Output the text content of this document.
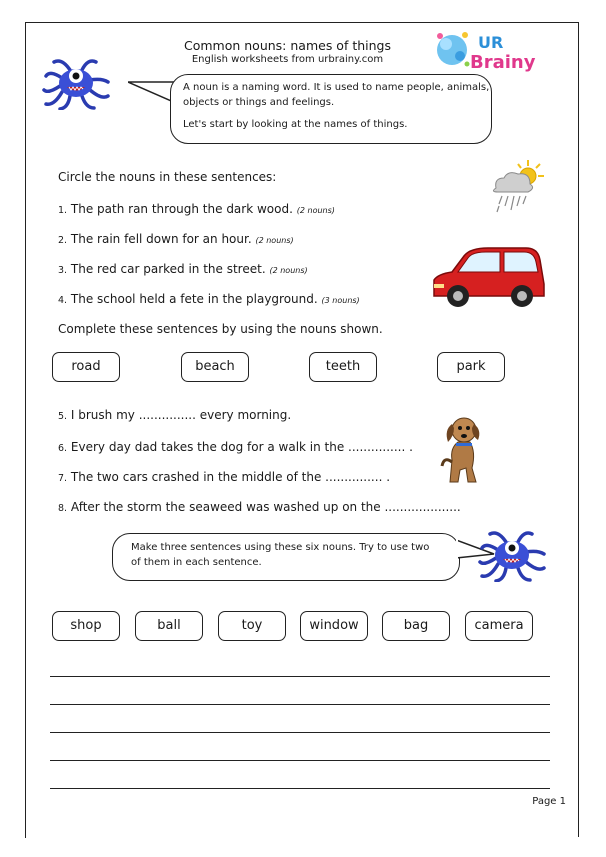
Common nouns: names of things
English worksheets from urbrainy.com
UR
Brainy

A noun is a naming word. It is used to name people, animals,

objects or things and feelings.

Let's start by looking at the names of things.

Circle the nouns in these sentences:
1. The path ran through the dark wood. (2 nouns)
2. The rain fell down for an hour. (2 nouns)
3. The red car parked in the street. (2 nouns)
4. The school held a fete in the playground. (3 nouns)
Complete these sentences by using the nouns shown.
road	beach	teeth	park
5. I brush my ............... every morning.
6. Every day dad takes the dog for a walk in the ............... .
7. The two cars crashed in the middle of the ............... .
8. After the storm the seaweed was washed up on the ....................

Make three sentences using these six nouns. Try to use two

of them in each sentence.

shop	ball	toy	window	bag	camera
Page 1
